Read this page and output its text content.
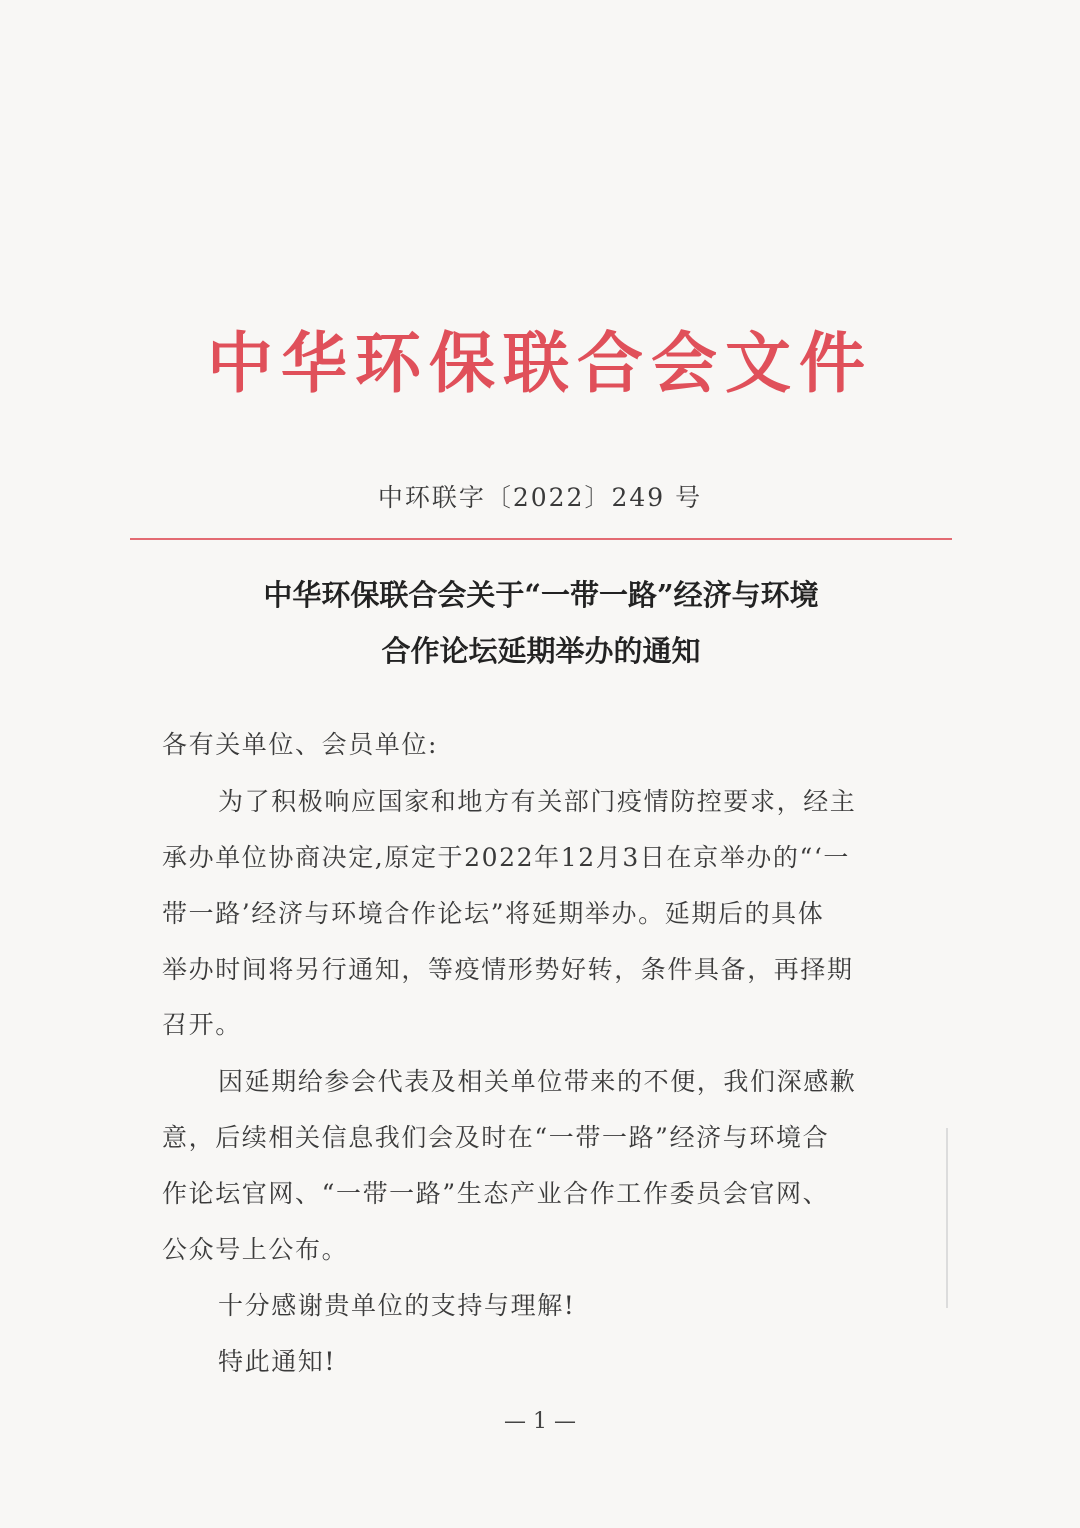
中华环保联合会文件
中环联字〔2022〕249 号
中华环保联合会关于“一带一路”经济与环境
合作论坛延期举办的通知
各有关单位、会员单位:
为了积极响应国家和地方有关部门疫情防控要求，经主
承办单位协商决定,原定于2022年12月3日在京举办的“‘一
带一路’经济与环境合作论坛”将延期举办。延期后的具体
举办时间将另行通知，等疫情形势好转，条件具备，再择期
召开。
因延期给参会代表及相关单位带来的不便，我们深感歉
意，后续相关信息我们会及时在“一带一路”经济与环境合
作论坛官网、“一带一路”生态产业合作工作委员会官网、
公众号上公布。
十分感谢贵单位的支持与理解!
特此通知!
— 1 —
